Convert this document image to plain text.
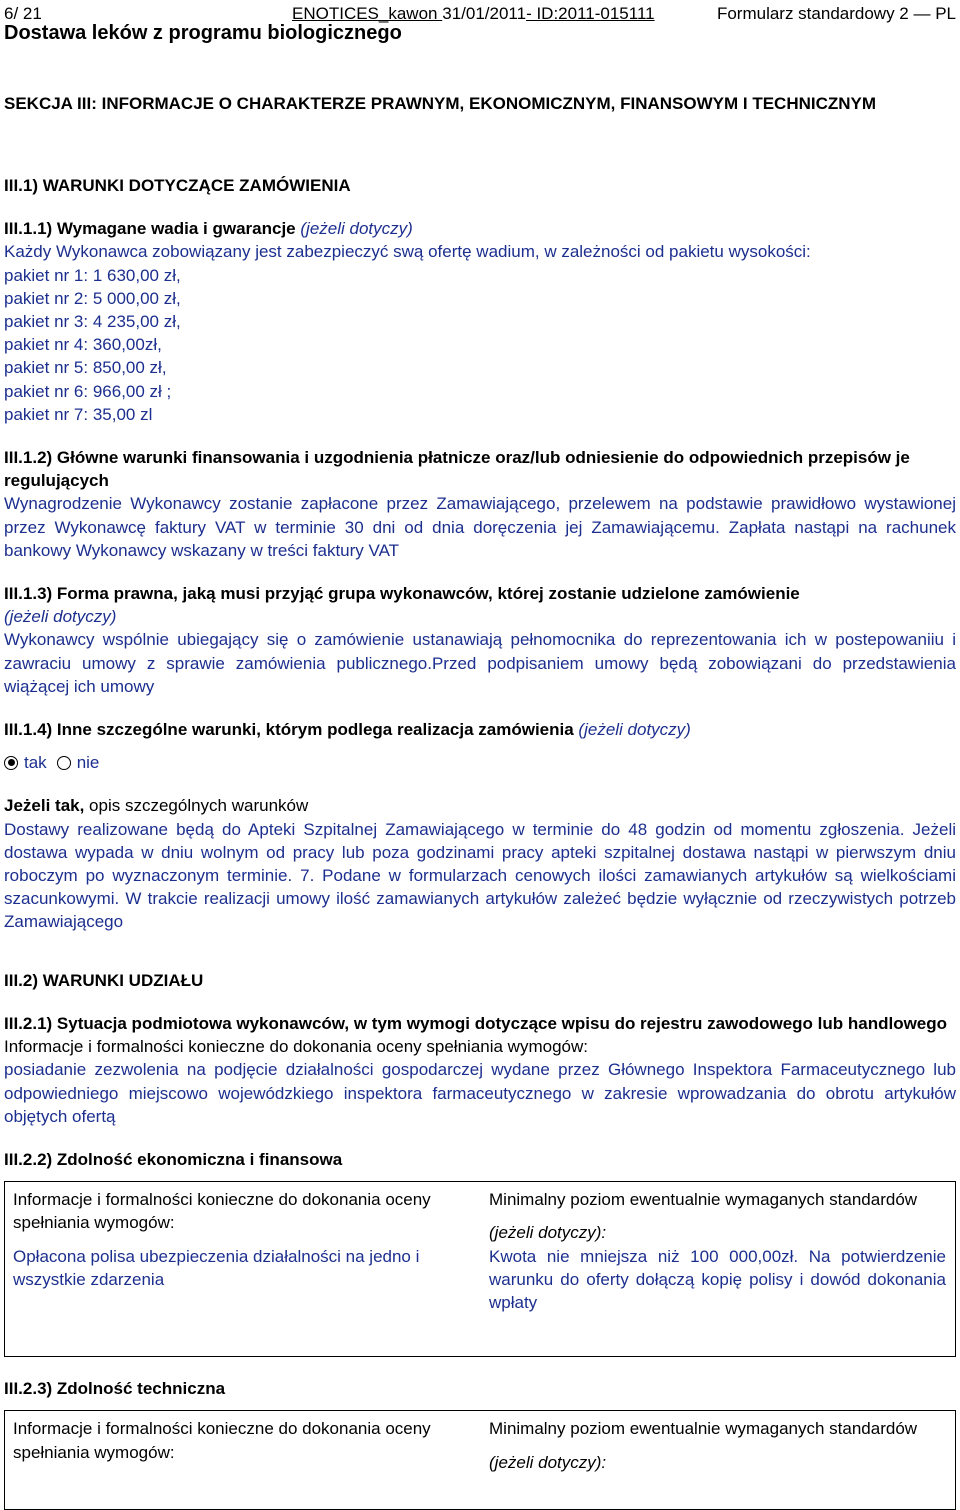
6/ 21	ENOTICES_kawon 31/01/2011- ID:2011-015111	Formularz standardowy 2 — PL
Dostawa leków z programu biologicznego
SEKCJA III: INFORMACJE O CHARAKTERZE PRAWNYM, EKONOMICZNYM, FINANSOWYM I TECHNICZNYM

III.1) WARUNKI DOTYCZĄCE ZAMÓWIENIA

III.1.1) Wymagane wadia i gwarancje (jeżeli dotyczy)

Każdy Wykonawca zobowiązany jest zabezpieczyć swą ofertę wadium, w zależności od pakietu wysokości:

pakiet nr 1: 1 630,00 zł,

pakiet nr 2: 5 000,00 zł,

pakiet nr 3: 4 235,00 zł,

pakiet nr 4: 360,00zł,

pakiet nr 5: 850,00 zł,

pakiet nr 6: 966,00 zł ;

pakiet nr 7: 35,00 zl

III.1.2) Główne warunki finansowania i uzgodnienia płatnicze oraz/lub odniesienie do odpowiednich przepisów je regulujących

Wynagrodzenie Wykonawcy zostanie zapłacone przez Zamawiającego, przelewem na podstawie prawidłowo wystawionej przez Wykonawcę faktury VAT w terminie 30 dni od dnia doręczenia jej Zamawiającemu. Zapłata nastąpi na rachunek bankowy Wykonawcy wskazany w treści faktury VAT

III.1.3) Forma prawna, jaką musi przyjąć grupa wykonawców, której zostanie udzielone zamówienie

(jeżeli dotyczy)

Wykonawcy wspólnie ubiegający się o zamówienie ustanawiają pełnomocnika do reprezentowania ich w postepowaniiu i zawraciu umowy z sprawie zamówienia publicznego.Przed podpisaniem umowy będą zobowiązani do przedstawienia wiążącej ich umowy

III.1.4) Inne szczególne warunki, którym podlega realizacja zamówienia (jeżeli dotyczy)

tak nie

Jeżeli tak, opis szczególnych warunków

Dostawy realizowane będą do Apteki Szpitalnej Zamawiającego w terminie do 48 godzin od momentu zgłoszenia. Jeżeli dostawa wypada w dniu wolnym od pracy lub poza godzinami pracy apteki szpitalnej dostawa nastąpi w pierwszym dniu roboczym po wyznaczonym terminie. 7. Podane w formularzach cenowych ilości zamawianych artykułów są wielkościami szacunkowymi. W trakcie realizacji umowy ilość zamawianych artykułów zależeć będzie wyłącznie od rzeczywistych potrzeb Zamawiającego

III.2) WARUNKI UDZIAŁU

III.2.1) Sytuacja podmiotowa wykonawców, w tym wymogi dotyczące wpisu do rejestru zawodowego lub handlowego

Informacje i formalności konieczne do dokonania oceny spełniania wymogów:

posiadanie zezwolenia na podjęcie działalności gospodarczej wydane przez Głównego Inspektora Farmaceutycznego lub odpowiedniego miejscowo wojewódzkiego inspektora farmaceutycznego w zakresie wprowadzania do obrotu artykułów objętych ofertą

III.2.2) Zdolność ekonomiczna i finansowa

Informacje i formalności konieczne do dokonania oceny spełniania wymogów:

Opłacona polisa ubezpieczenia działalności na jedno i wszystkie zdarzenia

Minimalny poziom ewentualnie wymaganych standardów

(jeżeli dotyczy):

Kwota nie mniejsza niż 100 000,00zł. Na potwierdzenie warunku do oferty dołączą kopię polisy i dowód dokonania wpłaty

III.2.3) Zdolność techniczna

Informacje i formalności konieczne do dokonania oceny spełniania wymogów:

Minimalny poziom ewentualnie wymaganych standardów

(jeżeli dotyczy):
